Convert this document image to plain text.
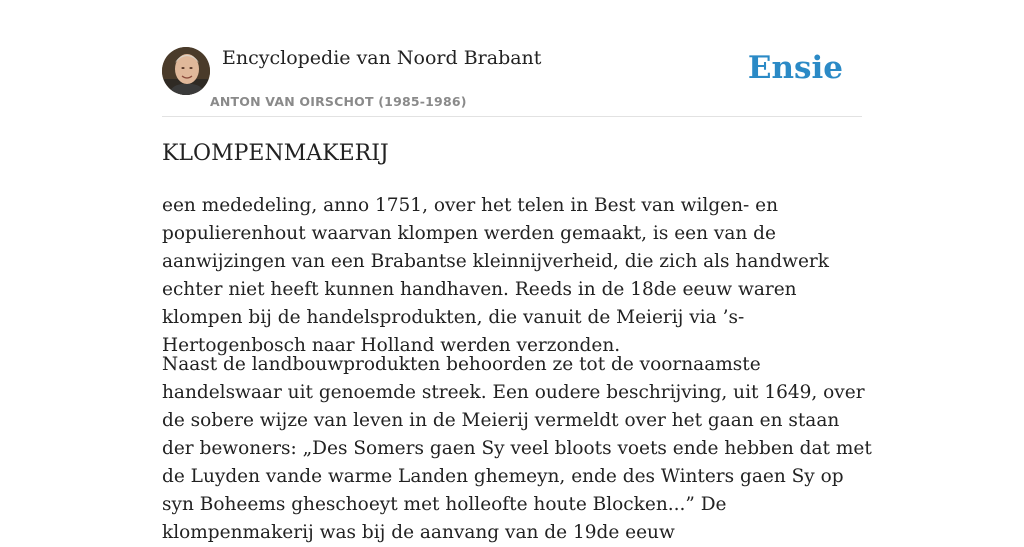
Encyclopedie van Noord Brabant
ANTON VAN OIRSCHOT (1985-1986)
Ensie
KLOMPENMAKERIJ

een mededeling, anno 1751, over het telen in Best van wilgen- en populierenhout waarvan klompen werden gemaakt, is een van de aanwijzingen van een Brabantse kleinnijverheid, die zich als handwerk echter niet heeft kunnen handhaven. Reeds in de 18de eeuw waren klompen bij de handelsprodukten, die vanuit de Meierij via ’s-Hertogenbosch naar Holland werden verzonden.

Naast de landbouwprodukten behoorden ze tot de voornaamste handelswaar uit genoemde streek. Een oudere beschrijving, uit 1649, over de sobere wijze van leven in de Meierij vermeldt over het gaan en staan der bewoners: „Des Somers gaen Sy veel bloots voets ende hebben dat met de Luyden vande warme Landen ghemeyn, ende des Winters gaen Sy op syn Boheems gheschoeyt met holleofte houte Blocken...” De klompenmakerij was bij de aanvang van de 19de eeuw
